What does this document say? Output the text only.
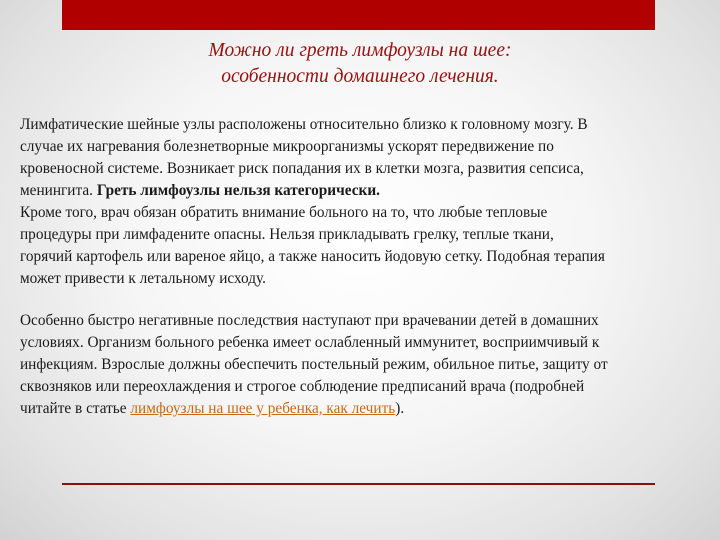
Можно ли греть лимфоузлы на шее:
особенности домашнего лечения.
Лимфатические шейные узлы расположены относительно близко к головному мозгу. В
случае их нагревания болезнетворные микроорганизмы ускорят передвижение по
кровеносной системе. Возникает риск попадания их в клетки мозга, развития сепсиса,
менингита. Греть лимфоузлы нельзя категорически.
Кроме того, врач обязан обратить внимание больного на то, что любые тепловые
процедуры при лимфадените опасны. Нельзя прикладывать грелку, теплые ткани,
горячий картофель или вареное яйцо, а также наносить йодовую сетку. Подобная терапия
может привести к летальному исходу.
Особенно быстро негативные последствия наступают при врачевании детей в домашних
условиях. Организм больного ребенка имеет ослабленный иммунитет, восприимчивый к
инфекциям. Взрослые должны обеспечить постельный режим, обильное питье, защиту от
сквозняков или переохлаждения и строгое соблюдение предписаний врача (подробней
читайте в статье лимфоузлы на шее у ребенка, как лечить).
